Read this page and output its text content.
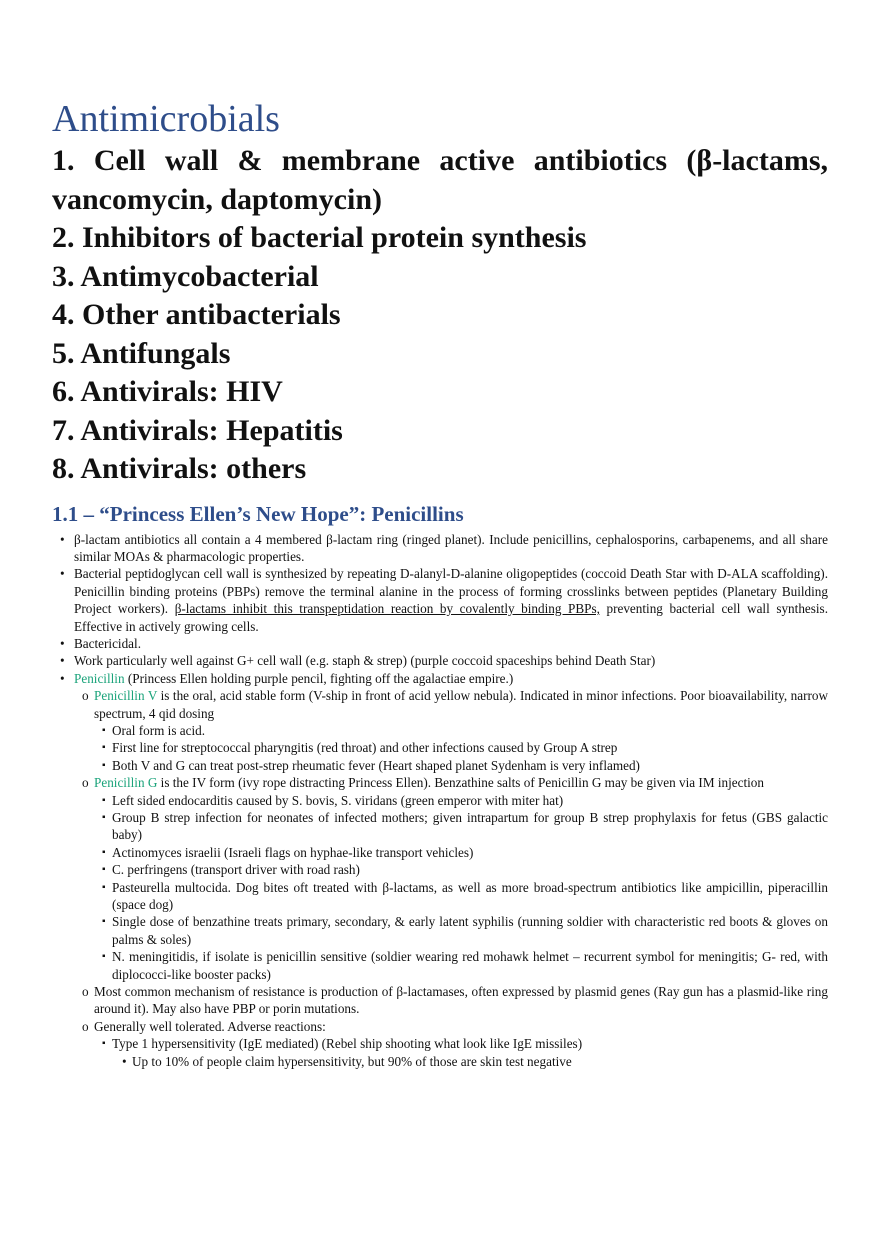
Antimicrobials
1. Cell wall & membrane active antibiotics (β-lactams, vancomycin, daptomycin)
2. Inhibitors of bacterial protein synthesis
3. Antimycobacterial
4. Other antibacterials
5. Antifungals
6. Antivirals: HIV
7. Antivirals: Hepatitis
8. Antivirals: others
1.1 – “Princess Ellen’s New Hope”: Penicillins
• β-lactam antibiotics all contain a 4 membered β-lactam ring (ringed planet). Include penicillins, cephalosporins, carbapenems, and all share similar MOAs & pharmacologic properties.
• Bacterial peptidoglycan cell wall is synthesized by repeating D-alanyl-D-alanine oligopeptides (coccoid Death Star with D-ALA scaffolding). Penicillin binding proteins (PBPs) remove the terminal alanine in the process of forming crosslinks between peptides (Planetary Building Project workers). β-lactams inhibit this transpeptidation reaction by covalently binding PBPs, preventing bacterial cell wall synthesis. Effective in actively growing cells.
• Bactericidal.
• Work particularly well against G+ cell wall (e.g. staph & strep) (purple coccoid spaceships behind Death Star)
• Penicillin (Princess Ellen holding purple pencil, fighting off the agalactiae empire.)
o Penicillin V is the oral, acid stable form (V-ship in front of acid yellow nebula). Indicated in minor infections. Poor bioavailability, narrow spectrum, 4 qid dosing
▪ Oral form is acid.
▪ First line for streptococcal pharyngitis (red throat) and other infections caused by Group A strep
▪ Both V and G can treat post-strep rheumatic fever (Heart shaped planet Sydenham is very inflamed)
o Penicillin G is the IV form (ivy rope distracting Princess Ellen). Benzathine salts of Penicillin G may be given via IM injection
▪ Left sided endocarditis caused by S. bovis, S. viridans (green emperor with miter hat)
▪ Group B strep infection for neonates of infected mothers; given intrapartum for group B strep prophylaxis for fetus (GBS galactic baby)
▪ Actinomyces israelii (Israeli flags on hyphae-like transport vehicles)
▪ C. perfringens (transport driver with road rash)
▪ Pasteurella multocida. Dog bites oft treated with β-lactams, as well as more broad-spectrum antibiotics like ampicillin, piperacillin (space dog)
▪ Single dose of benzathine treats primary, secondary, & early latent syphilis (running soldier with characteristic red boots & gloves on palms & soles)
▪ N. meningitidis, if isolate is penicillin sensitive (soldier wearing red mohawk helmet – recurrent symbol for meningitis; G- red, with diplococci-like booster packs)
o Most common mechanism of resistance is production of β-lactamases, often expressed by plasmid genes (Ray gun has a plasmid-like ring around it). May also have PBP or porin mutations.
o Generally well tolerated. Adverse reactions:
▪ Type 1 hypersensitivity (IgE mediated) (Rebel ship shooting what look like IgE missiles)
• Up to 10% of people claim hypersensitivity, but 90% of those are skin test negative
